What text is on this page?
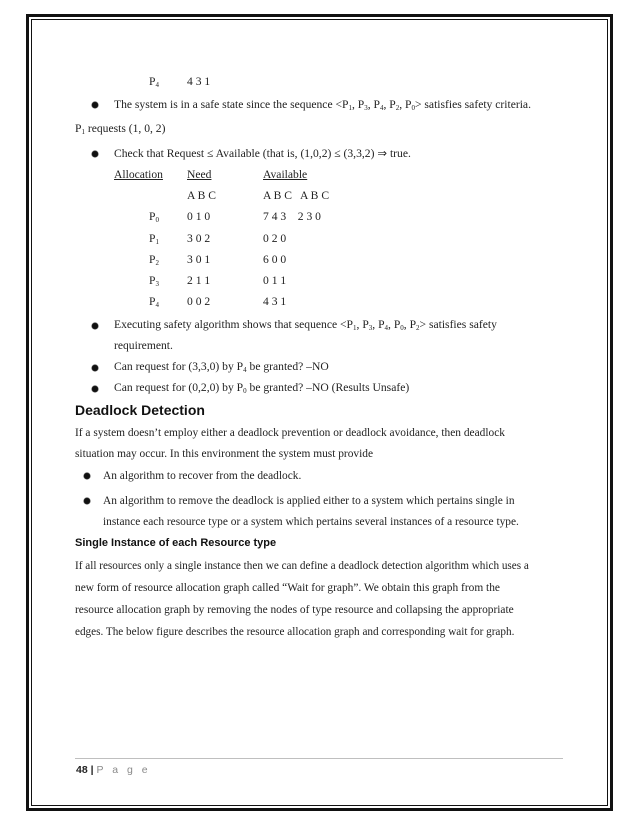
$P_4$ 4 3 1
The system is in a safe state since the sequence $<P_1$, $P_3$, $P_4$, $P_2$, $P_0>$ satisfies safety criteria.
$P_1$ requests (1, 0, 2)
Check that Request ≤ Available (that is, (1,0,2) ≤ (3,3,2) ⇒ true.
Allocation Need	Available
A B C	A B C   A B C
$P_0$ 0 1 0	7 4 3    2 3 0
$P_1$ 3 0 2	0 2 0
$P_2$ 3 0 1	6 0 0
$P_3$ 2 1 1	0 1 1
$P_4$ 0 0 2	4 3 1
Executing safety algorithm shows that sequence $<P_1$, $P_3$, $P_4$, $P_0$, $P_2>$ satisfies safety
requirement.
Can request for (3,3,0) by $P_4$ be granted? –NO
Can request for (0,2,0) by $P_0$ be granted? –NO (Results Unsafe)
Deadlock Detection
If a system doesn’t employ either a deadlock prevention or deadlock avoidance, then deadlock
situation may occur. In this environment the system must provide
An algorithm to recover from the deadlock.
An algorithm to remove the deadlock is applied either to a system which pertains single in
instance each resource type or a system which pertains several instances of a resource type.
Single Instance of each Resource type
If all resources only a single instance then we can define a deadlock detection algorithm which uses a
new form of resource allocation graph called “Wait for graph”. We obtain this graph from the
resource allocation graph by removing the nodes of type resource and collapsing the appropriate
edges. The below figure describes the resource allocation graph and corresponding wait for graph.
48 | P a g e
